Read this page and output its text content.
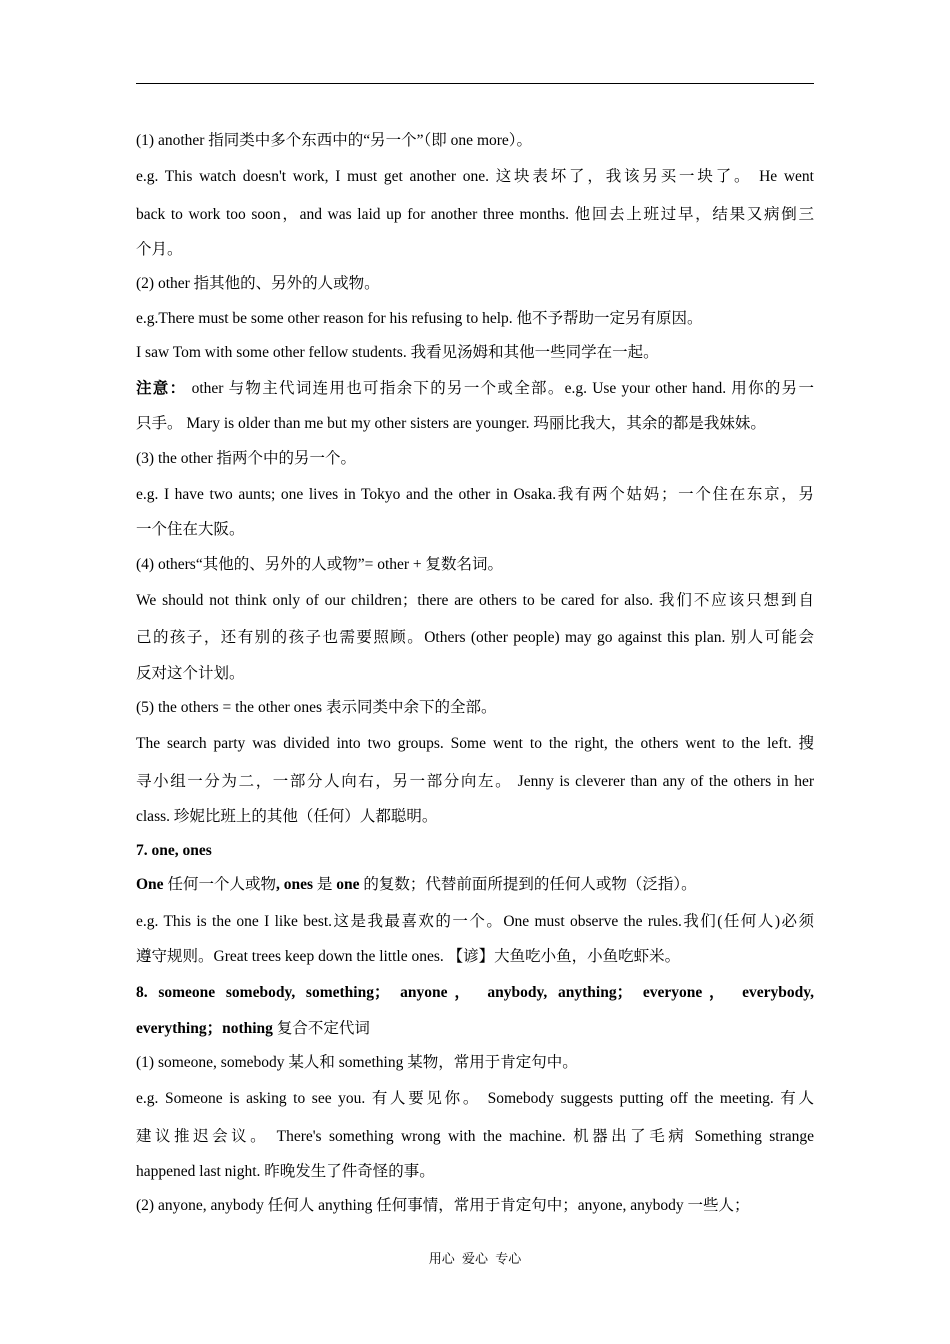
(1) another 指同类中多个东西中的“另一个”（即 one more）。
e.g. This watch doesn't work, I must get another one. 这块表坏了，我该另买一块了。 He went
back to work too soon，and was laid up for another three months. 他回去上班过早，结果又病倒三
个月。
(2) other 指其他的、另外的人或物。
e.g.There must be some other reason for his refusing to help. 他不予帮助一定另有原因。
I saw Tom with some other fellow students. 我看见汤姆和其他一些同学在一起。
注意： other 与物主代词连用也可指余下的另一个或全部。e.g. Use your other hand. 用你的另一
只手。 Mary is older than me but my other sisters are younger. 玛丽比我大，其余的都是我妹妹。
(3) the other 指两个中的另一个。
e.g. I have two aunts; one lives in Tokyo and the other in Osaka.我有两个姑妈；一个住在东京，另
一个住在大阪。
(4) others“其他的、另外的人或物”= other + 复数名词。
We should not think only of our children；there are others to be cared for also. 我们不应该只想到自
己的孩子，还有别的孩子也需要照顾。Others (other people) may go against this plan. 别人可能会
反对这个计划。
(5) the others = the other ones 表示同类中余下的全部。
The search party was divided into two groups. Some went to the right, the others went to the left. 搜
寻小组一分为二，一部分人向右，另一部分向左。 Jenny is cleverer than any of the others in her
class. 珍妮比班上的其他（任何）人都聪明。
7. one, ones
One 任何一个人或物, ones 是 one 的复数；代替前面所提到的任何人或物（泛指）。
e.g. This is the one I like best.这是我最喜欢的一个。One must observe the rules.我们(任何人)必须
遵守规则。Great trees keep down the little ones. 【谚】大鱼吃小鱼，小鱼吃虾米。
8. someone somebody, something； anyone， anybody, anything； everyone， everybody,
everything；nothing 复合不定代词
(1) someone, somebody 某人和 something 某物，常用于肯定句中。
e.g. Someone is asking to see you. 有人要见你。 Somebody suggests putting off the meeting. 有人
建议推迟会议。 There's something wrong with the machine. 机器出了毛病 Something strange
happened last night. 昨晚发生了件奇怪的事。
(2) anyone, anybody 任何人 anything 任何事情，常用于肯定句中；anyone, anybody 一些人；
用心 爱心 专心
